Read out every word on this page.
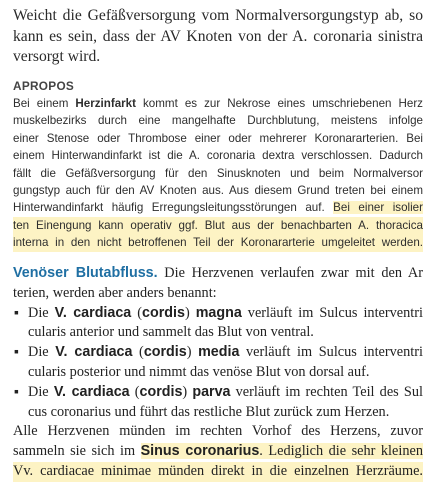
Weicht die Gefäßversorgung vom Normalversorgungstyp ab, so
kann es sein, dass der AV Knoten von der A. coronaria sinistra
versorgt wird.
APROPOS
Bei einem Herzinfarkt kommt es zur Nekrose eines umschriebenen Herz
muskelbezirks durch eine mangelhafte Durchblutung, meistens infolge
einer Stenose oder Thrombose einer oder mehrerer Koronararterien. Bei
einem Hinterwandinfarkt ist die A. coronaria dextra verschlossen. Dadurch
fällt die Gefäßversorgung für den Sinusknoten und beim Normalversor
gungstyp auch für den AV Knoten aus. Aus diesem Grund treten bei einem
Hinterwandinfarkt häufig Erregungsleitungsstörungen auf. Bei einer isolier
ten Einengung kann operativ ggf. Blut aus der benachbarten A. thoracica
interna in den nicht betroffenen Teil der Koronararterie umgeleitet werden.
Venöser Blutabfluss. Die Herzvenen verlaufen zwar mit den Ar
terien, werden aber anders benannt:
▪ Die V. cardiaca (cordis) magna verläuft im Sulcus interventri
cularis anterior und sammelt das Blut von ventral.
▪ Die V. cardiaca (cordis) media verläuft im Sulcus interventri
cularis posterior und nimmt das venöse Blut von dorsal auf.
▪ Die V. cardiaca (cordis) parva verläuft im rechten Teil des Sul
cus coronarius und führt das restliche Blut zurück zum Herzen.
Alle Herzvenen münden im rechten Vorhof des Herzens, zuvor
sammeln sie sich im Sinus coronarius. Lediglich die sehr kleinen
Vv. cardiacae minimae münden direkt in die einzelnen Herzräume.
